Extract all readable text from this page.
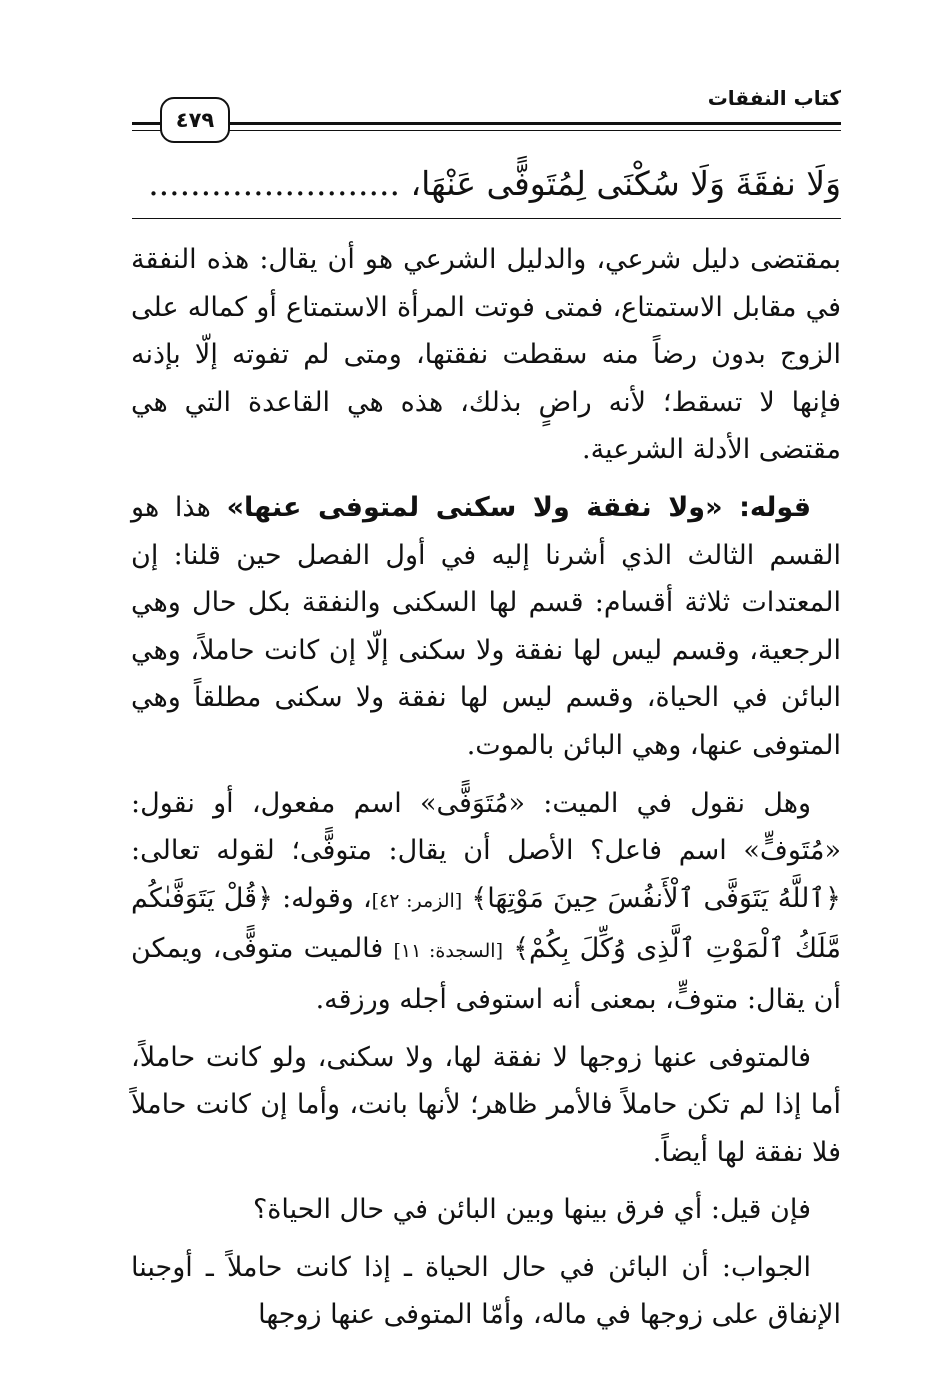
كتاب النفقات
٤٧٩
وَلَا نفقَةَ وَلَا سُكْنَى لِمُتَوفًّى عَنْهَا، ........................

بمقتضى دليل شرعي، والدليل الشرعي هو أن يقال: هذه النفقة في مقابل الاستمتاع، فمتى فوتت المرأة الاستمتاع أو كماله على الزوج بدون رضاً منه سقطت نفقتها، ومتى لم تفوته إلّا بإذنه فإنها لا تسقط؛ لأنه راضٍ بذلك، هذه هي القاعدة التي هي مقتضى الأدلة الشرعية.

قوله: «ولا نفقة ولا سكنى لمتوفى عنها» هذا هو القسم الثالث الذي أشرنا إليه في أول الفصل حين قلنا: إن المعتدات ثلاثة أقسام: قسم لها السكنى والنفقة بكل حال وهي الرجعية، وقسم ليس لها نفقة ولا سكنى إلّا إن كانت حاملاً، وهي البائن في الحياة، وقسم ليس لها نفقة ولا سكنى مطلقاً وهي المتوفى عنها، وهي البائن بالموت.

وهل نقول في الميت: «مُتَوَفًّى» اسم مفعول، أو نقول: «مُتَوفٍّ» اسم فاعل؟ الأصل أن يقال: متوفًّى؛ لقوله تعالى: ﴿ٱللَّهُ يَتَوَفَّى ٱلْأَنفُسَ حِينَ مَوْتِهَا﴾ [الزمر: ٤٢]، وقوله: ﴿قُلْ يَتَوَفَّىٰكُم مَّلَكُ ٱلْمَوْتِ ٱلَّذِى وُكِّلَ بِكُمْ﴾ [السجدة: ١١] فالميت متوفًّى، ويمكن أن يقال: متوفٍّ، بمعنى أنه استوفى أجله ورزقه.

فالمتوفى عنها زوجها لا نفقة لها، ولا سكنى، ولو كانت حاملاً، أما إذا لم تكن حاملاً فالأمر ظاهر؛ لأنها بانت، وأما إن كانت حاملاً فلا نفقة لها أيضاً.

فإن قيل: أي فرق بينها وبين البائن في حال الحياة؟

الجواب: أن البائن في حال الحياة ـ إذا كانت حاملاً ـ أوجبنا الإنفاق على زوجها في ماله، وأمّا المتوفى عنها زوجها
